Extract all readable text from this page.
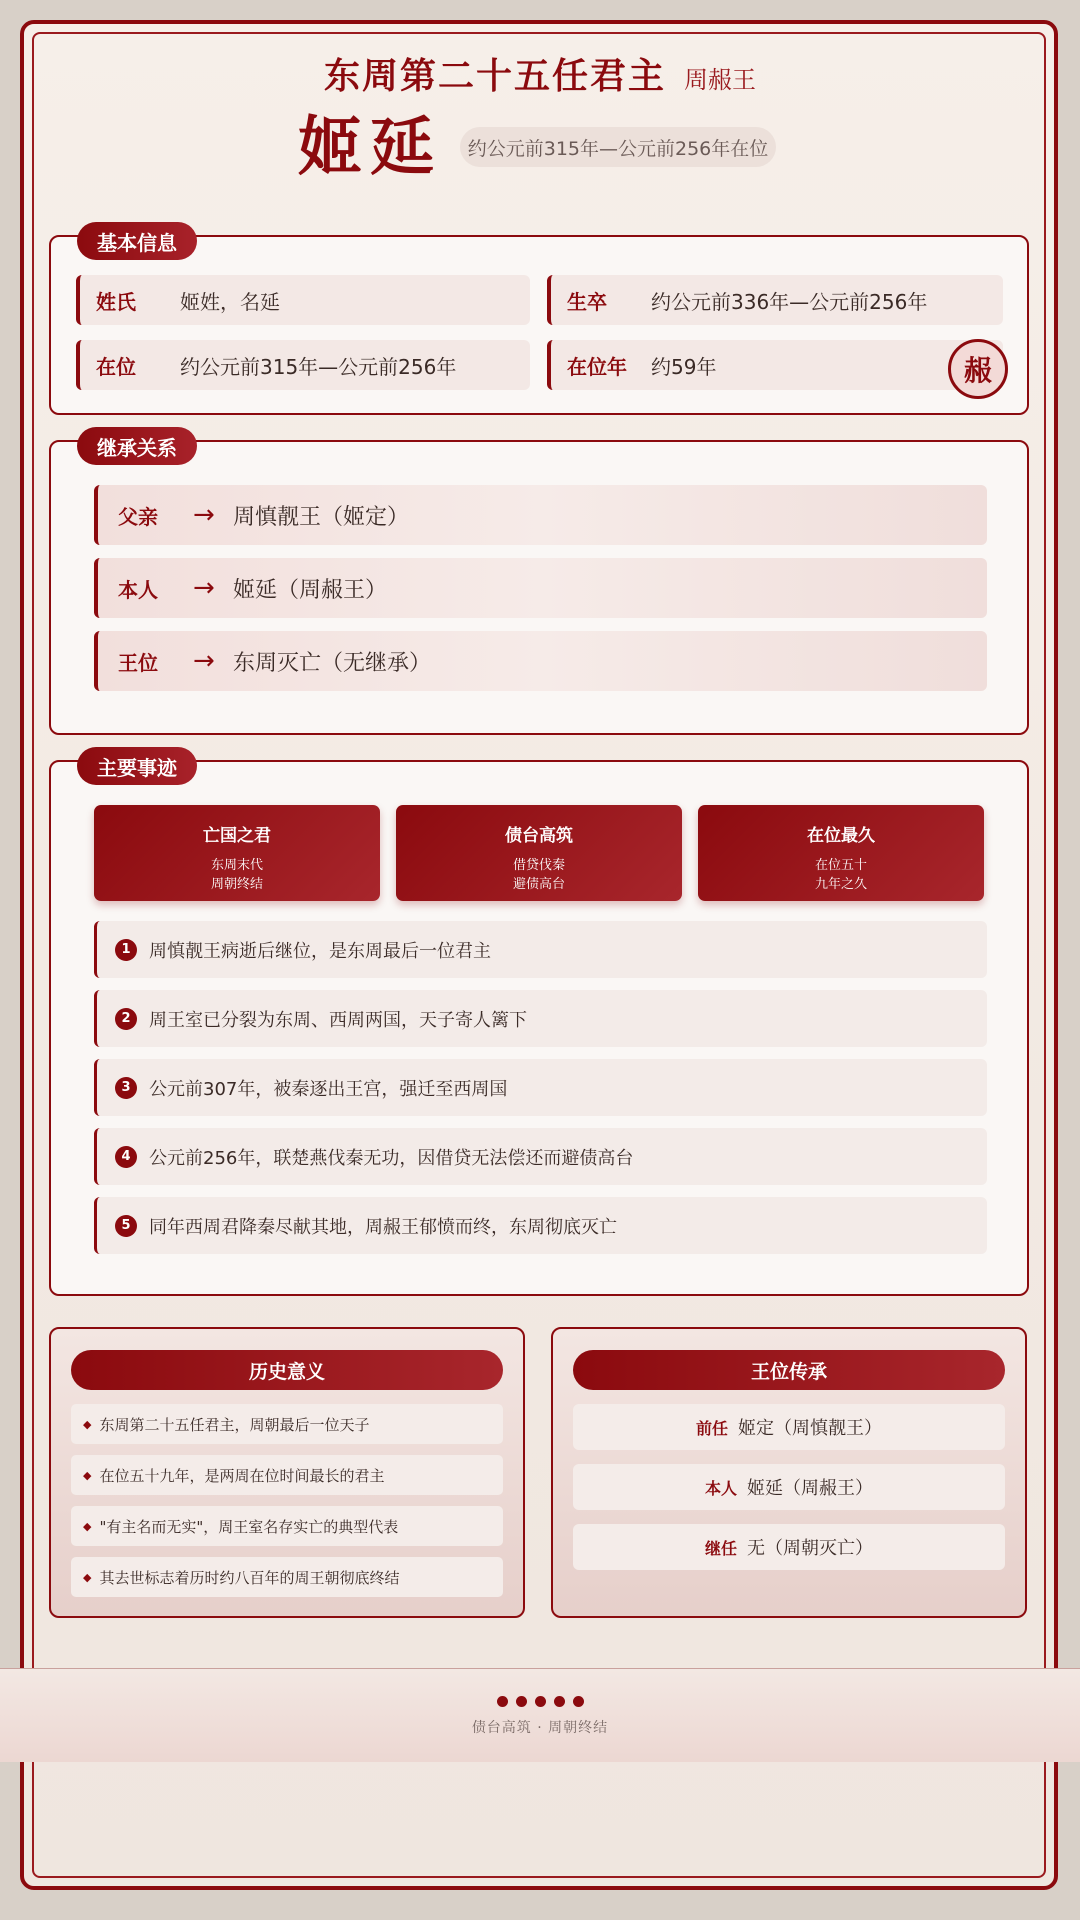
东周第二十五任君主 周赧王
姬延	约公元前315年—公元前256年在位
基本信息
姓氏	姬姓，名延	生卒	约公元前336年—公元前256年
在位	约公元前315年—公元前256年	在位年	约59年	赧
继承关系
父亲	→ 周慎靓王（姬定）
本人	→ 姬延（周赧王）
王位	→ 东周灭亡（无继承）
主要事迹
亡国之君
东周末代
周朝终结
债台高筑
借贷伐秦
避债高台
在位最久
在位五十
九年之久
1	周慎靓王病逝后继位，是东周最后一位君主
2	周王室已分裂为东周、西周两国，天子寄人篱下
3	公元前307年，被秦逐出王宫，强迁至西周国
4	公元前256年，联楚燕伐秦无功，因借贷无法偿还而避债高台
5	同年西周君降秦尽献其地，周赧王郁愤而终，东周彻底灭亡
历史意义
◆ 东周第二十五任君主，周朝最后一位天子
◆ 在位五十九年，是两周在位时间最长的君主
◆ "有主名而无实"，周王室名存实亡的典型代表
◆ 其去世标志着历时约八百年的周王朝彻底终结
王位传承
前任 姬定（周慎靓王）
本人 姬延（周赧王）
继任 无（周朝灭亡）
债台高筑 · 周朝终结
